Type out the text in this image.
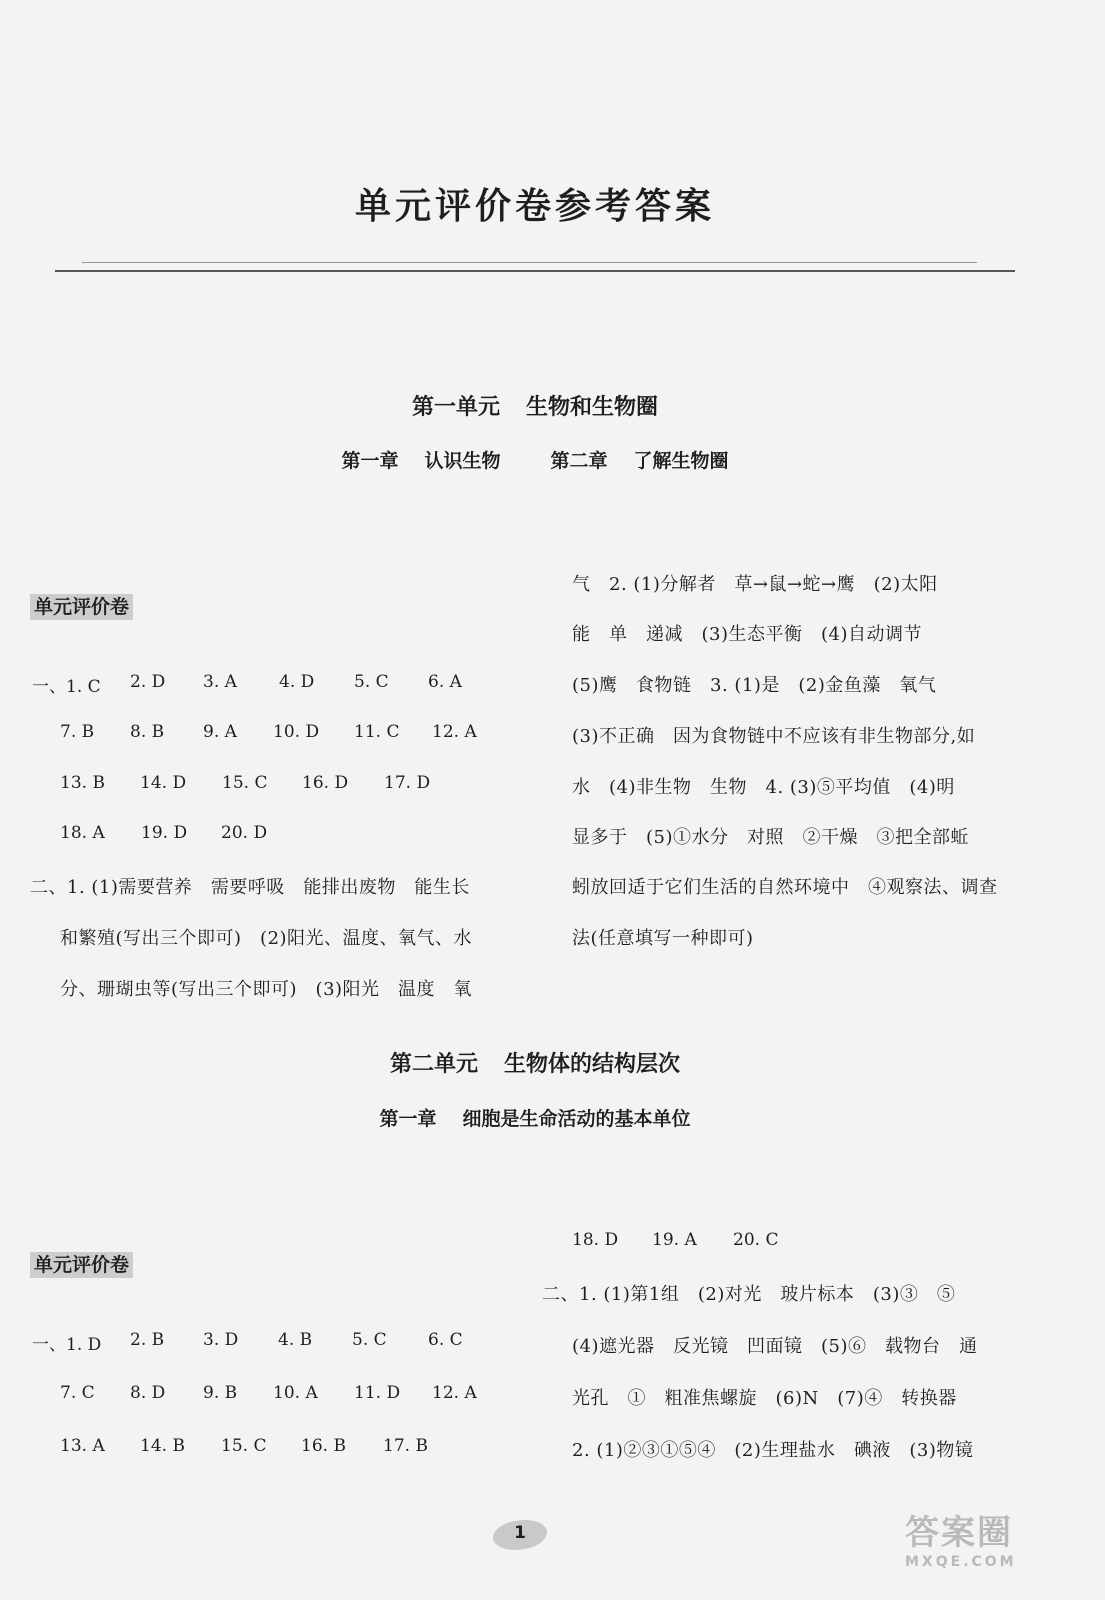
单元评价卷参考答案
第一单元 生物和生物圈
第一章 认识生物	第二章 了解生物圈
单元评价卷
一、1. C 2. D 3. A 4. D 5. C 6. A
7. B 8. B 9. A 10. D 11. C 12. A
13. B 14. D 15. C 16. D 17. D
18. A 19. D 20. D
二、1. (1)需要营养　需要呼吸　能排出废物　能生长
和繁殖(写出三个即可)　(2)阳光、温度、氧气、水
分、珊瑚虫等(写出三个即可)　(3)阳光　温度　氧
气　2. (1)分解者　草→鼠→蛇→鹰　(2)太阳
能　单　递减　(3)生态平衡　(4)自动调节
(5)鹰　食物链　3. (1)是　(2)金鱼藻　氧气
(3)不正确　因为食物链中不应该有非生物部分,如
水　(4)非生物　生物　4. (3)⑤平均值　(4)明
显多于　(5)①水分　对照　②干燥　③把全部蚯
蚓放回适于它们生活的自然环境中　④观察法、调查
法(任意填写一种即可)
第二单元 生物体的结构层次
第一章 细胞是生命活动的基本单位
单元评价卷
一、1. D 2. B 3. D 4. B 5. C 6. C
7. C 8. D 9. B 10. A 11. D 12. A
13. A 14. B 15. C 16. B 17. B
18. D 19. A 20. C
二、1. (1)第1组　(2)对光　玻片标本　(3)③　⑤
(4)遮光器　反光镜　凹面镜　(5)⑥　载物台　通
光孔　①　粗准焦螺旋　(6)N　(7)④　转换器
2. (1)②③①⑤④　(2)生理盐水　碘液　(3)物镜
1	答案圈
MXQE.COM
